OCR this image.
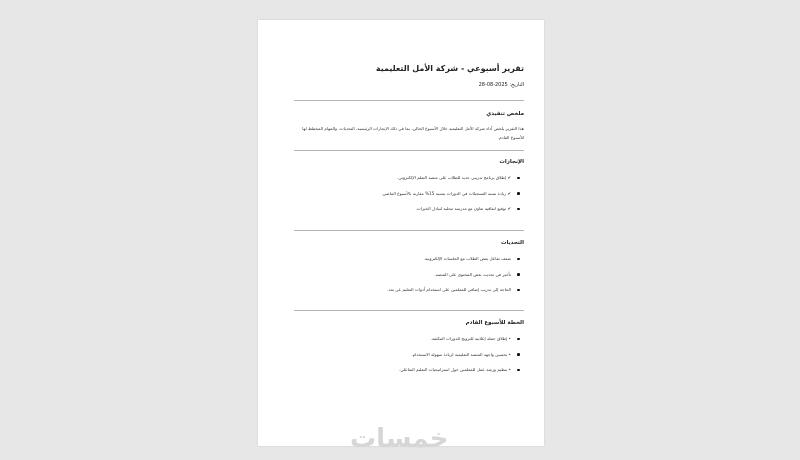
تقرير أسبوعي - شركة الأمل التعليمية
التاريخ: 2025-08-28
ملخص تنفيذي
هذا التقرير يلخص أداء شركة الأمل التعليمية خلال الأسبوع الحالي، بما في ذلك الإنجازات الرئيسية، التحديات، والمهام المخطط لها للأسبوع القادم.
الإنجازات
✔ إطلاق برنامج تدريبي جديد للطلاب على منصة التعلم الإلكتروني.
✔ زيادة نسبة التسجيلات في الدورات بنسبة 15% مقارنة بالأسبوع الماضي.
✔ توقيع اتفاقية تعاون مع مدرسة محلية لتبادل الخبرات.
التحديات
ضعف تفاعل بعض الطلاب مع الجلسات الإلكترونية.
تأخير في تحديث بعض المحتوى على المنصة.
الحاجة إلى تدريب إضافي للمعلمين على استخدام أدوات التعليم عن بعد.
الخطة للأسبوع القادم
• إطلاق حملة إعلانية للترويج للدورات المكثفة.
• تحسين واجهة المنصة التعليمية لزيادة سهولة الاستخدام.
• تنظيم ورشة عمل للمعلمين حول استراتيجيات التعليم التفاعلي.
خمسات
